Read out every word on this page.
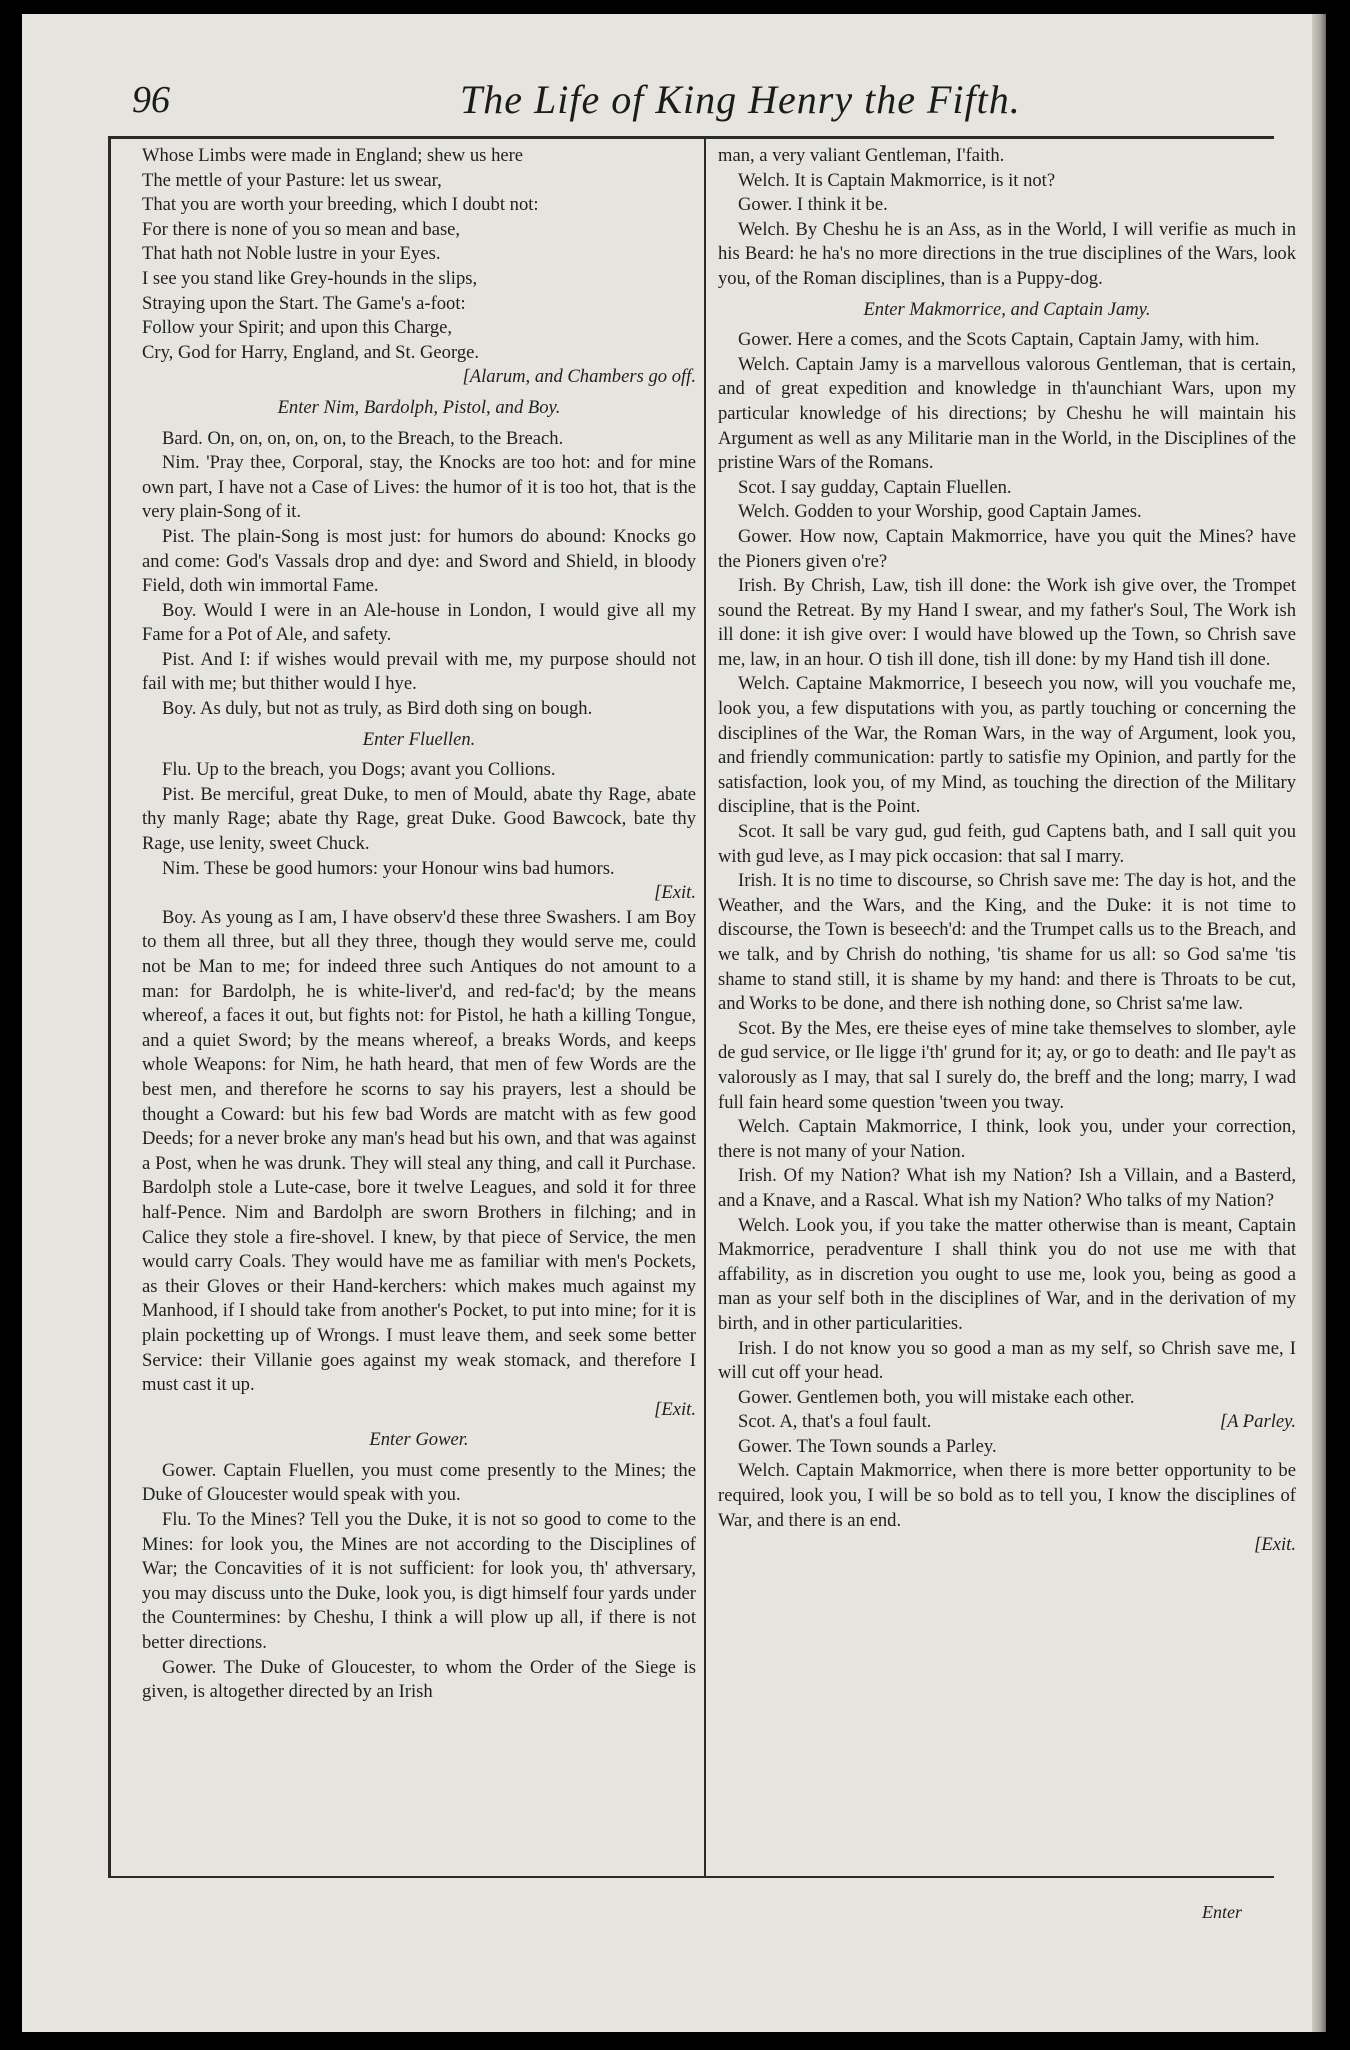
96	The Life of King Henry the Fifth.
Whose Limbs were made in England; shew us here
The mettle of your Pasture: let us swear,
That you are worth your breeding, which I doubt not:
For there is none of you so mean and base,
That hath not Noble lustre in your Eyes.
I see you stand like Grey-hounds in the slips,
Straying upon the Start. The Game's a-foot:
Follow your Spirit; and upon this Charge,
Cry, God for Harry, England, and St. George.
[Alarum, and Chambers go off.
Enter Nim, Bardolph, Pistol, and Boy.

Bard. On, on, on, on, on, to the Breach, to the Breach.

Nim. 'Pray thee, Corporal, stay, the Knocks are too hot: and for mine own part, I have not a Case of Lives: the humor of it is too hot, that is the very plain-Song of it.

Pist. The plain-Song is most just: for humors do abound: Knocks go and come: God's Vassals drop and dye: and Sword and Shield, in bloody Field, doth win immortal Fame.

Boy. Would I were in an Ale-house in London, I would give all my Fame for a Pot of Ale, and safety.

Pist. And I: if wishes would prevail with me, my purpose should not fail with me; but thither would I hye.

Boy. As duly, but not as truly, as Bird doth sing on bough.

Enter Fluellen.

Flu. Up to the breach, you Dogs; avant you Collions.

Pist. Be merciful, great Duke, to men of Mould, abate thy Rage, abate thy manly Rage; abate thy Rage, great Duke. Good Bawcock, bate thy Rage, use lenity, sweet Chuck.

Nim. These be good humors: your Honour wins bad humors.

[Exit.

Boy. As young as I am, I have observ'd these three Swashers. I am Boy to them all three, but all they three, though they would serve me, could not be Man to me; for indeed three such Antiques do not amount to a man: for Bardolph, he is white-liver'd, and red-fac'd; by the means whereof, a faces it out, but fights not: for Pistol, he hath a killing Tongue, and a quiet Sword; by the means whereof, a breaks Words, and keeps whole Weapons: for Nim, he hath heard, that men of few Words are the best men, and therefore he scorns to say his prayers, lest a should be thought a Coward: but his few bad Words are matcht with as few good Deeds; for a never broke any man's head but his own, and that was against a Post, when he was drunk. They will steal any thing, and call it Purchase. Bardolph stole a Lute-case, bore it twelve Leagues, and sold it for three half-Pence. Nim and Bardolph are sworn Brothers in filching; and in Calice they stole a fire-shovel. I knew, by that piece of Service, the men would carry Coals. They would have me as familiar with men's Pockets, as their Gloves or their Hand-kerchers: which makes much against my Manhood, if I should take from another's Pocket, to put into mine; for it is plain pocketting up of Wrongs. I must leave them, and seek some better Service: their Villanie goes against my weak stomack, and therefore I must cast it up.

[Exit.
Enter Gower.

Gower. Captain Fluellen, you must come presently to the Mines; the Duke of Gloucester would speak with you.

Flu. To the Mines? Tell you the Duke, it is not so good to come to the Mines: for look you, the Mines are not according to the Disciplines of War; the Concavities of it is not sufficient: for look you, th' athversary, you may discuss unto the Duke, look you, is digt himself four yards under the Countermines: by Cheshu, I think a will plow up all, if there is not better directions.

Gower. The Duke of Gloucester, to whom the Order of the Siege is given, is altogether directed by an Irish

man, a very valiant Gentleman, I'faith.

Welch. It is Captain Makmorrice, is it not?

Gower. I think it be.

Welch. By Cheshu he is an Ass, as in the World, I will verifie as much in his Beard: he ha's no more directions in the true disciplines of the Wars, look you, of the Roman disciplines, than is a Puppy-dog.

Enter Makmorrice, and Captain Jamy.

Gower. Here a comes, and the Scots Captain, Captain Jamy, with him.

Welch. Captain Jamy is a marvellous valorous Gentleman, that is certain, and of great expedition and knowledge in th'aunchiant Wars, upon my particular knowledge of his directions; by Cheshu he will maintain his Argument as well as any Militarie man in the World, in the Disciplines of the pristine Wars of the Romans.

Scot. I say gudday, Captain Fluellen.

Welch. Godden to your Worship, good Captain James.

Gower. How now, Captain Makmorrice, have you quit the Mines? have the Pioners given o're?

Irish. By Chrish, Law, tish ill done: the Work ish give over, the Trompet sound the Retreat. By my Hand I swear, and my father's Soul, The Work ish ill done: it ish give over: I would have blowed up the Town, so Chrish save me, law, in an hour. O tish ill done, tish ill done: by my Hand tish ill done.

Welch. Captaine Makmorrice, I beseech you now, will you vouchafe me, look you, a few disputations with you, as partly touching or concerning the disciplines of the War, the Roman Wars, in the way of Argument, look you, and friendly communication: partly to satisfie my Opinion, and partly for the satisfaction, look you, of my Mind, as touching the direction of the Military discipline, that is the Point.

Scot. It sall be vary gud, gud feith, gud Captens bath, and I sall quit you with gud leve, as I may pick occasion: that sal I marry.

Irish. It is no time to discourse, so Chrish save me: The day is hot, and the Weather, and the Wars, and the King, and the Duke: it is not time to discourse, the Town is beseech'd: and the Trumpet calls us to the Breach, and we talk, and by Chrish do nothing, 'tis shame for us all: so God sa'me 'tis shame to stand still, it is shame by my hand: and there is Throats to be cut, and Works to be done, and there ish nothing done, so Christ sa'me law.

Scot. By the Mes, ere theise eyes of mine take themselves to slomber, ayle de gud service, or Ile ligge i'th' grund for it; ay, or go to death: and Ile pay't as valorously as I may, that sal I surely do, the breff and the long; marry, I wad full fain heard some question 'tween you tway.

Welch. Captain Makmorrice, I think, look you, under your correction, there is not many of your Nation.

Irish. Of my Nation? What ish my Nation? Ish a Villain, and a Basterd, and a Knave, and a Rascal. What ish my Nation? Who talks of my Nation?

Welch. Look you, if you take the matter otherwise than is meant, Captain Makmorrice, peradventure I shall think you do not use me with that affability, as in discretion you ought to use me, look you, being as good a man as your self both in the disciplines of War, and in the derivation of my birth, and in other particularities.

Irish. I do not know you so good a man as my self, so Chrish save me, I will cut off your head.

Gower. Gentlemen both, you will mistake each other.

Scot. A, that's a foul fault.	[A Parley.

Gower. The Town sounds a Parley.

Welch. Captain Makmorrice, when there is more better opportunity to be required, look you, I will be so bold as to tell you, I know the disciplines of War, and there is an end.

[Exit.
Enter
